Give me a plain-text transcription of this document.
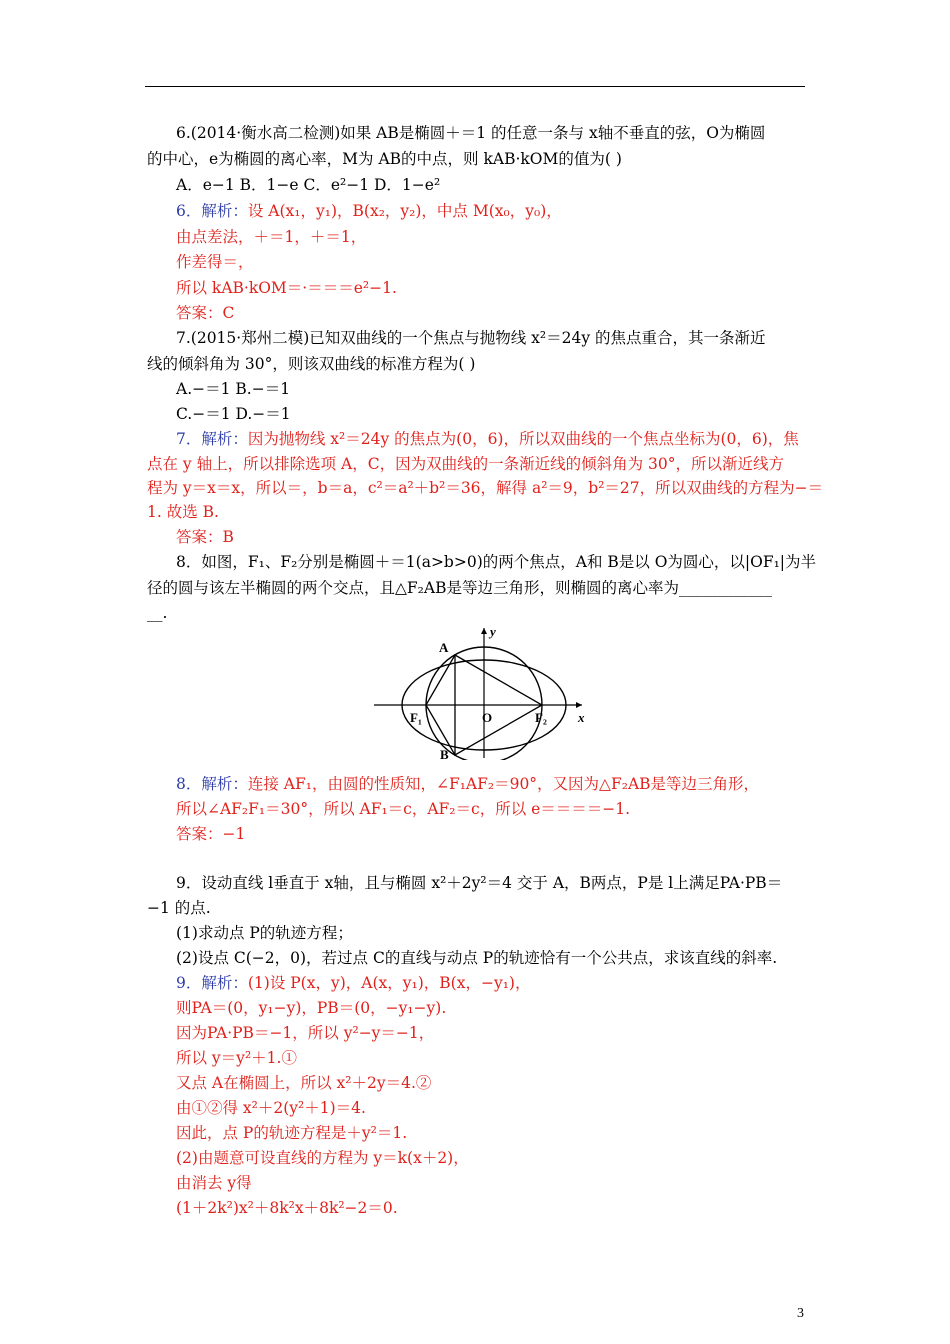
6.(2014·衡水高二检测)如果 AB是椭圆＋＝1 的任意一条与 x轴不垂直的弦，O为椭圆
的中心，e为椭圆的离心率，M为 AB的中点，则 kAB·kOM的值为( )
A．e−1 B．1−e C．e²−1 D．1−e²
6．解析：设 A(x₁，y₁)，B(x₂，y₂)，中点 M(x₀，y₀)，
由点差法，＋＝1，＋＝1，
作差得＝，
所以 kAB·kOM＝·＝＝＝e²−1.
答案：C
7.(2015·郑州二模)已知双曲线的一个焦点与抛物线 x²＝24y 的焦点重合，其一条渐近
线的倾斜角为 30°，则该双曲线的标准方程为( )
A.−＝1 B.−＝1
C.−＝1 D.−＝1
7．解析：因为抛物线 x²＝24y 的焦点为(0，6)，所以双曲线的一个焦点坐标为(0，6)，焦
点在 y 轴上，所以排除选项 A，C，因为双曲线的一条渐近线的倾斜角为 30°，所以渐近线方
程为 y＝x＝x，所以＝，b＝a，c²＝a²＋b²＝36，解得 a²＝9，b²＝27，所以双曲线的方程为−＝
1. 故选 B.
答案：B
8．如图，F₁、F₂分别是椭圆＋＝1(a>b>0)的两个焦点，A和 B是以 O为圆心，以|OF₁|为半
径的圆与该左半椭圆的两个交点，且△F₂AB是等边三角形，则椭圆的离心率为____________
__.
A
B
F₁	F₂
O	x
y
8．解析：连接 AF₁，由圆的性质知，∠F₁AF₂＝90°，又因为△F₂AB是等边三角形，
所以∠AF₂F₁＝30°，所以 AF₁＝c，AF₂＝c，所以 e＝＝＝＝−1.
答案：−1
9．设动直线 l垂直于 x轴，且与椭圆 x²＋2y²＝4 交于 A，B两点，P是 l上满足PA·PB＝
−1 的点.
(1)求动点 P的轨迹方程；
(2)设点 C(−2，0)，若过点 C的直线与动点 P的轨迹恰有一个公共点，求该直线的斜率.
9．解析：(1)设 P(x，y)，A(x，y₁)，B(x，−y₁)，
则PA＝(0，y₁−y)，PB＝(0，−y₁−y).
因为PA·PB＝−1，所以 y²−y＝−1，
所以 y＝y²＋1.①
又点 A在椭圆上，所以 x²＋2y＝4.②
由①②得 x²＋2(y²＋1)＝4.
因此，点 P的轨迹方程是＋y²＝1.
(2)由题意可设直线的方程为 y＝k(x＋2)，
由消去 y得
(1＋2k²)x²＋8k²x＋8k²−2＝0.
3
